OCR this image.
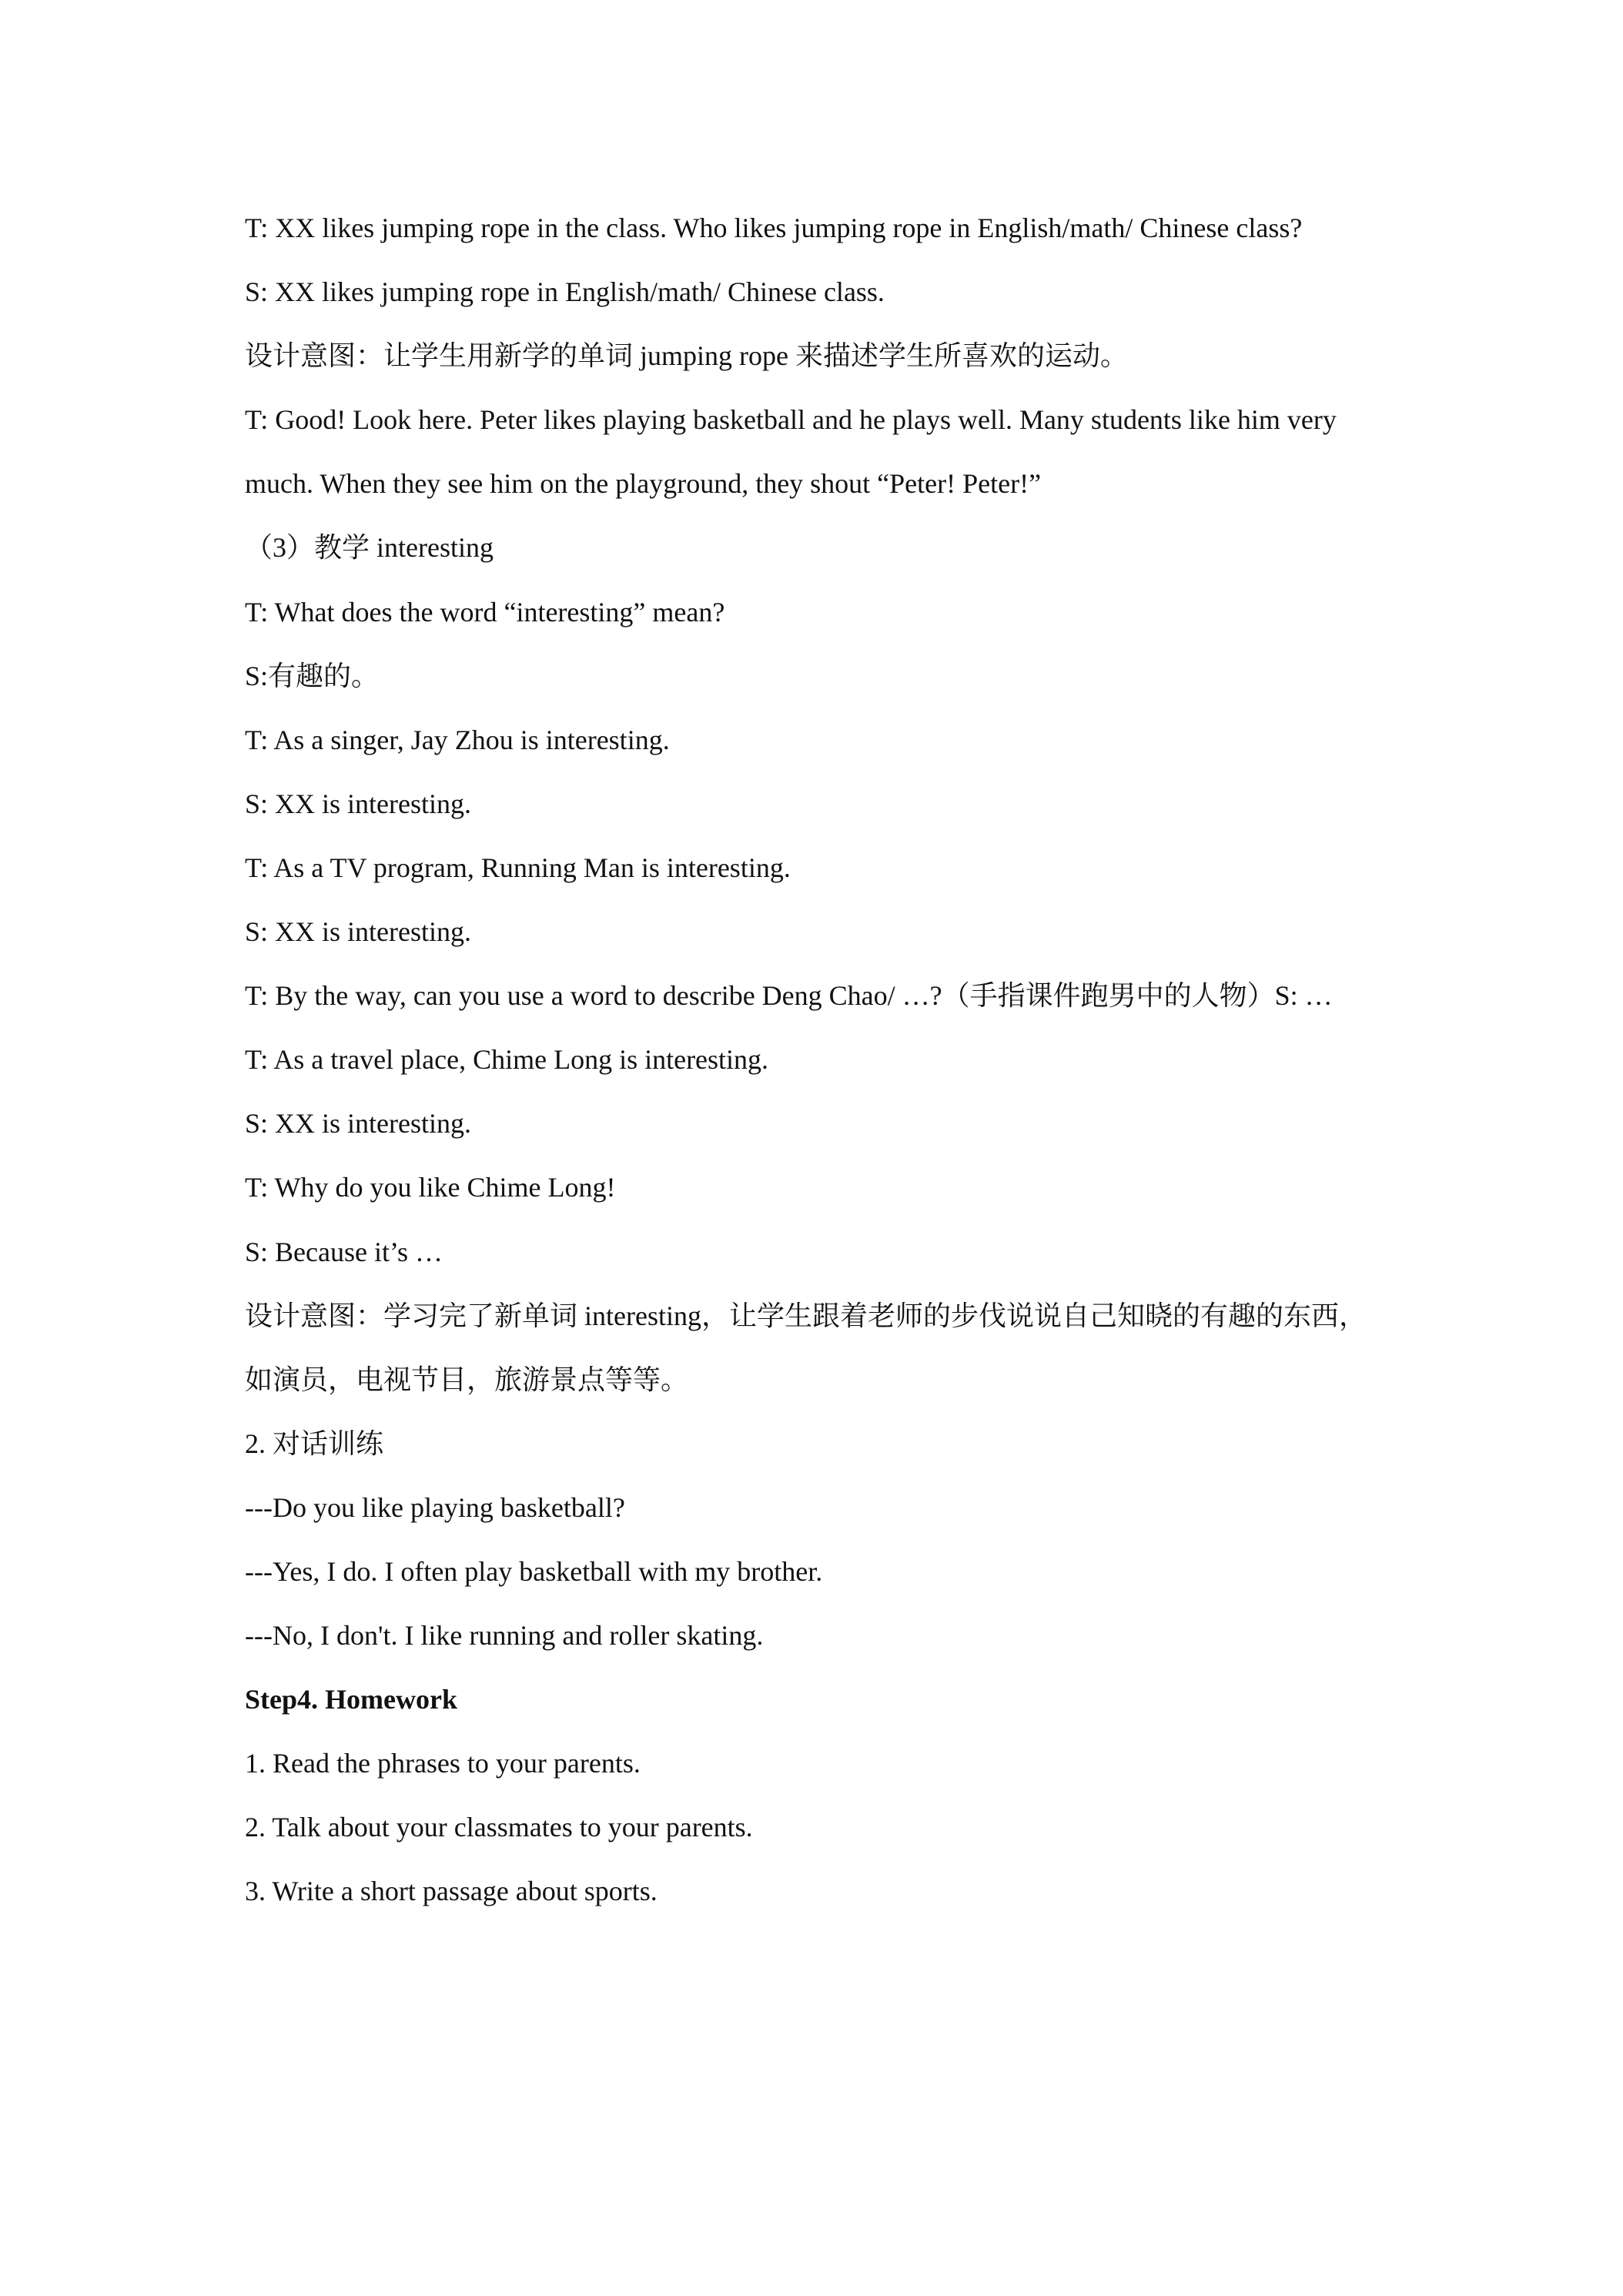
T: XX likes jumping rope in the class. Who likes jumping rope in English/math/ Chinese class?

S: XX likes jumping rope in English/math/ Chinese class.

设计意图：让学生用新学的单词 jumping rope 来描述学生所喜欢的运动。

T: Good! Look here. Peter likes playing basketball and he plays well. Many students like him very

much. When they see him on the playground, they shout “Peter! Peter!”

（3）教学 interesting

T: What does the word “interesting” mean?

S:有趣的。

T: As a singer, Jay Zhou is interesting.

S: XX is interesting.

T: As a TV program, Running Man is interesting.

S: XX is interesting.

T: By the way, can you use a word to describe Deng Chao/ …?（手指课件跑男中的人物）S: …

T: As a travel place, Chime Long is interesting.

S: XX is interesting.

T: Why do you like Chime Long!

S: Because it’s …

设计意图：学习完了新单词 interesting，让学生跟着老师的步伐说说自己知晓的有趣的东西，

如演员，电视节目，旅游景点等等。

2. 对话训练

---Do you like playing basketball?

---Yes, I do. I often play basketball with my brother.

---No, I don't. I like running and roller skating.

Step4. Homework

1. Read the phrases to your parents.

2. Talk about your classmates to your parents.

3. Write a short passage about sports.
